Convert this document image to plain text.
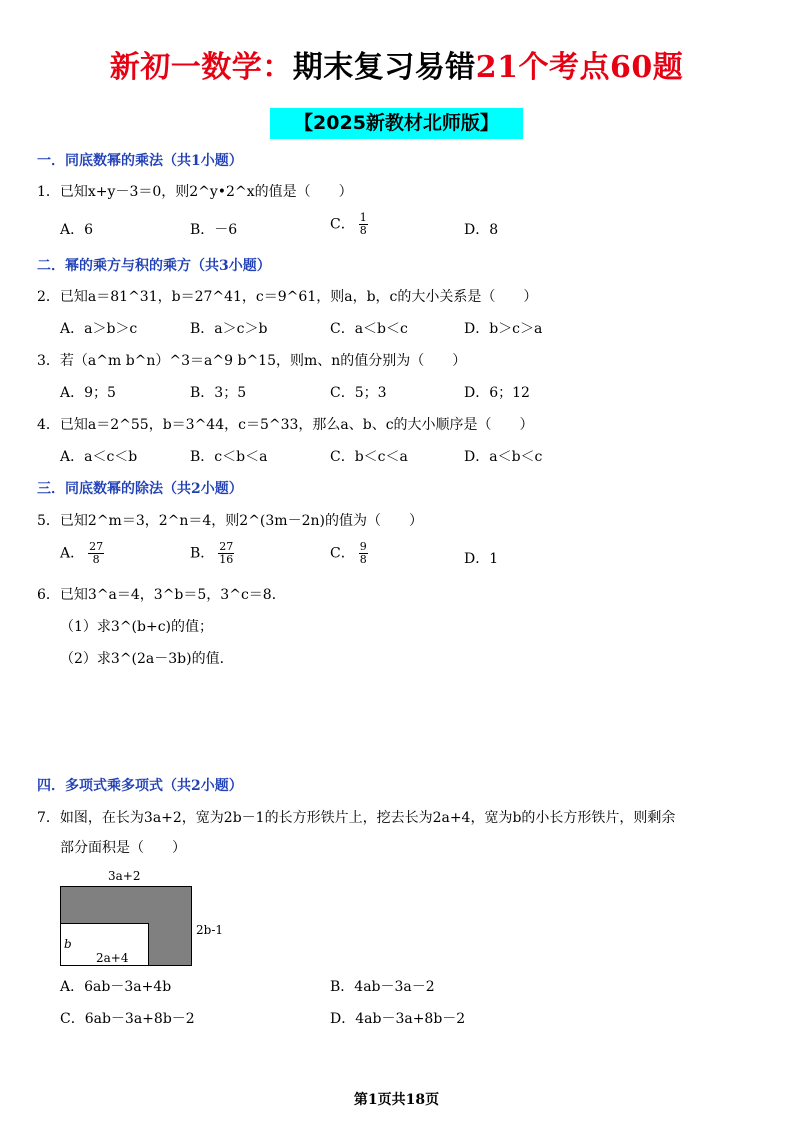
新初一数学：期末复习易错21个考点60题
【2025新教材北师版】
一．同底数幂的乘法（共1小题）
1．已知x+y－3＝0，则2^y•2^x的值是（　　）
A．6	B．－6	C． $\frac{1}{8}$	D．8
二．幂的乘方与积的乘方（共3小题）
2．已知a＝81^31，b＝27^41，c＝9^61，则a，b，c的大小关系是（　　）
A．a＞b＞c	B．a＞c＞b	C．a＜b＜c	D．b＞c＞a
3．若（a^m b^n）^3＝a^9 b^15，则m、n的值分别为（　　）
A．9；5	B．3；5	C．5；3	D．6；12
4．已知a＝2^55，b＝3^44，c＝5^33，那么a、b、c的大小顺序是（　　）
A．a＜c＜b	B．c＜b＜a	C．b＜c＜a	D．a＜b＜c
三．同底数幂的除法（共2小题）
5．已知2^m＝3，2^n＝4，则2^(3m－2n)的值为（　　）
A． $\frac{27}{8}$	B． $\frac{27}{16}$	C． $\frac{9}{8}$	D．1
6．已知3^a＝4，3^b＝5，3^c＝8．
（1）求3^(b+c)的值；
（2）求3^(2a－3b)的值．
四．多项式乘多项式（共2小题）
7．如图，在长为3a+2，宽为2b－1的长方形铁片上，挖去长为2a+4，宽为b的小长方形铁片，则剩余
部分面积是（　　）
3a+2
2b-1
b
2a+4
A．6ab－3a+4b	B．4ab－3a－2
C．6ab－3a+8b－2	D．4ab－3a+8b－2
第1页共18页
